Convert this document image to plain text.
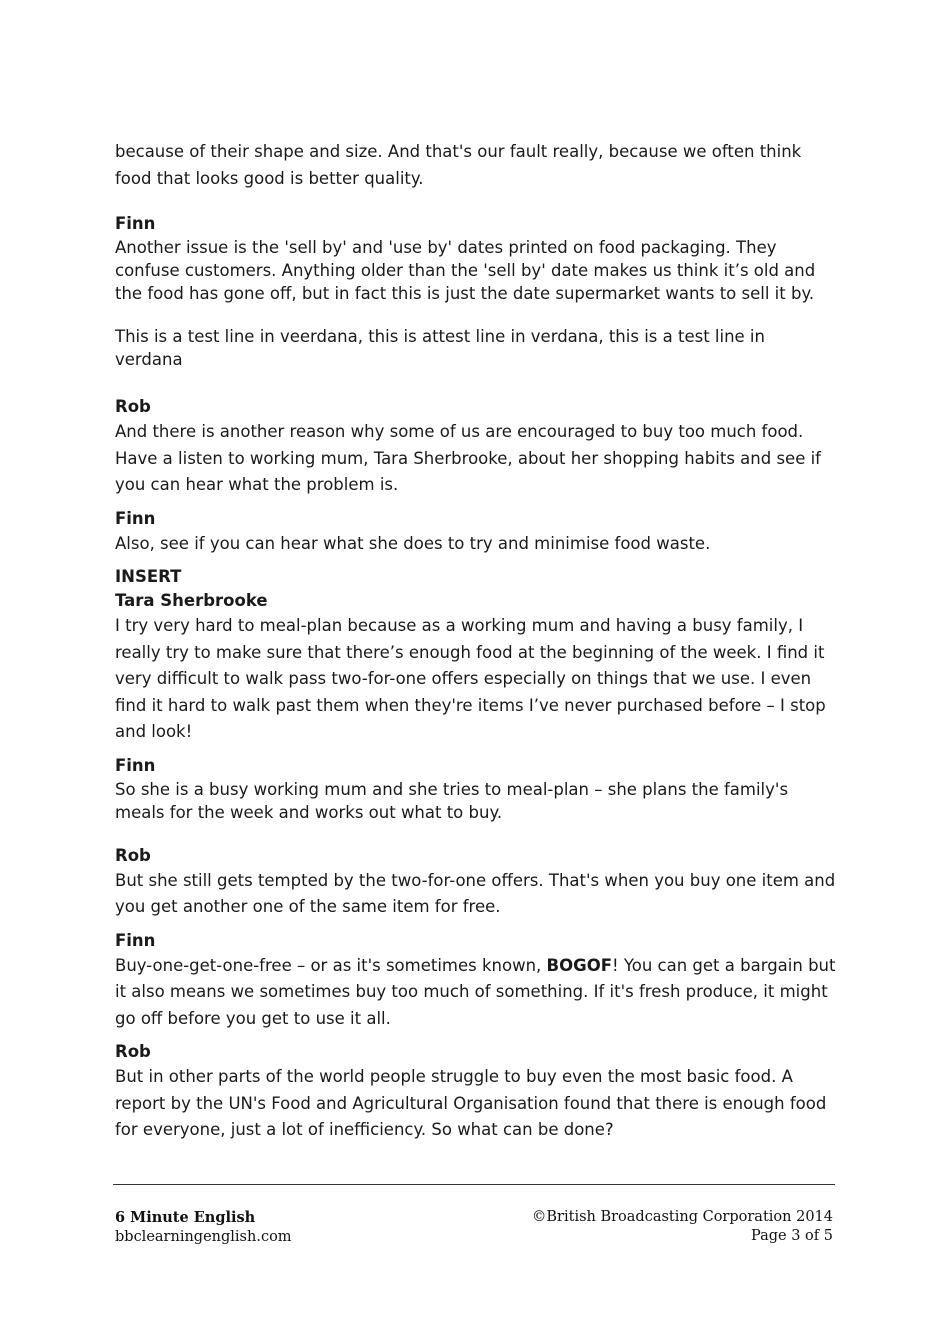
because of their shape and size. And that's our fault really, because we often think food that looks good is better quality.

Finn

Another issue is the 'sell by' and 'use by' dates printed on food packaging. They confuse customers. Anything older than the 'sell by' date makes us think it’s old and the food has gone off, but in fact this is just the date supermarket wants to sell it by.

This is a test line in veerdana, this is attest line in verdana, this is a test line in verdana

Rob

And there is another reason why some of us are encouraged to buy too much food. Have a listen to working mum, Tara Sherbrooke, about her shopping habits and see if you can hear what the problem is.

Finn

Also, see if you can hear what she does to try and minimise food waste.

INSERT

Tara Sherbrooke

I try very hard to meal-plan because as a working mum and having a busy family, I really try to make sure that there’s enough food at the beginning of the week. I find it very difficult to walk pass two-for-one offers especially on things that we use. I even find it hard to walk past them when they're items I’ve never purchased before – I stop and look!

Finn

So she is a busy working mum and she tries to meal-plan – she plans the family's meals for the week and works out what to buy.

Rob

But she still gets tempted by the two-for-one offers. That's when you buy one item and you get another one of the same item for free.

Finn

Buy-one-get-one-free – or as it's sometimes known, BOGOF! You can get a bargain but it also means we sometimes buy too much of something. If it's fresh produce, it might go off before you get to use it all.

Rob

But in other parts of the world people struggle to buy even the most basic food. A report by the UN's Food and Agricultural Organisation found that there is enough food for everyone, just a lot of inefficiency. So what can be done?

6 Minute English
bbclearningenglish.com
©British Broadcasting Corporation 2014
Page 3 of 5
